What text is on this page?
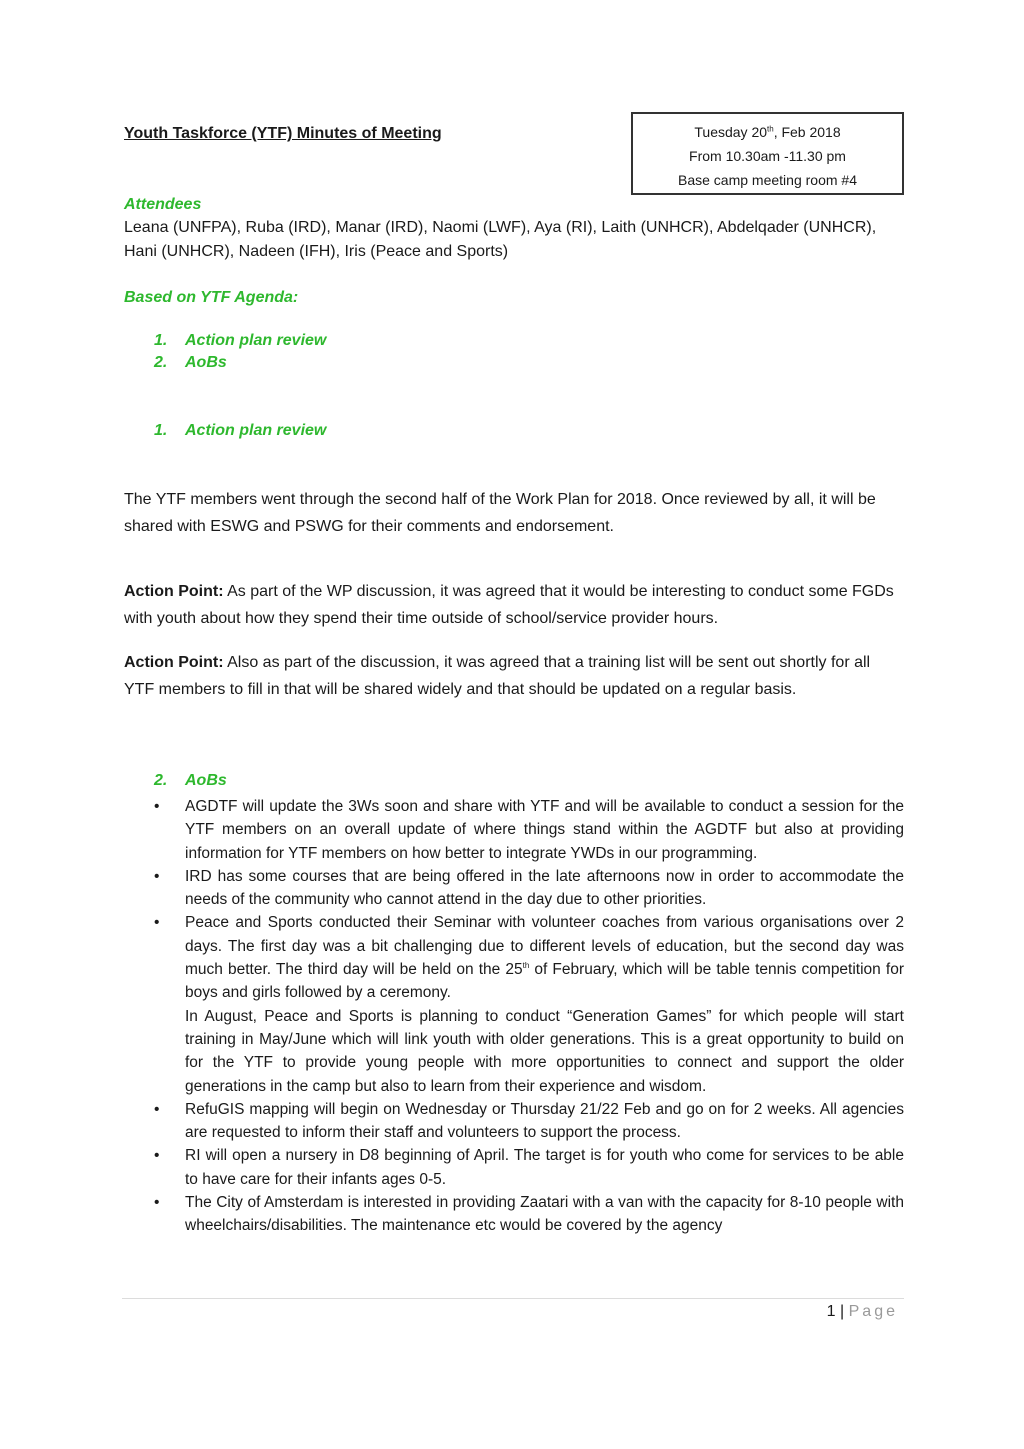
Youth Taskforce (YTF) Minutes of Meeting	Tuesday 20th, Feb 2018
From 10.30am -11.30 pm
Base camp meeting room #4
Attendees
Leana (UNFPA), Ruba (IRD), Manar (IRD), Naomi (LWF), Aya (RI), Laith (UNHCR), Abdelqader (UNHCR), Hani (UNHCR), Nadeen (IFH), Iris (Peace and Sports)
Based on YTF Agenda:
1. Action plan review
2. AoBs
1. Action plan review
The YTF members went through the second half of the Work Plan for 2018. Once reviewed by all, it will be shared with ESWG and PSWG for their comments and endorsement.
Action Point: As part of the WP discussion, it was agreed that it would be interesting to conduct some FGDs with youth about how they spend their time outside of school/service provider hours.
Action Point: Also as part of the discussion, it was agreed that a training list will be sent out shortly for all YTF members to fill in that will be shared widely and that should be updated on a regular basis.
2. AoBs
• AGDTF will update the 3Ws soon and share with YTF and will be available to conduct a session for the YTF members on an overall update of where things stand within the AGDTF but also at providing information for YTF members on how better to integrate YWDs in our programming.
• IRD has some courses that are being offered in the late afternoons now in order to accommodate the needs of the community who cannot attend in the day due to other priorities.
• Peace and Sports conducted their Seminar with volunteer coaches from various organisations over 2 days. The first day was a bit challenging due to different levels of education, but the second day was much better. The third day will be held on the 25th of February, which will be table tennis competition for boys and girls followed by a ceremony.
In August, Peace and Sports is planning to conduct “Generation Games” for which people will start training in May/June which will link youth with older generations. This is a great opportunity to build on for the YTF to provide young people with more opportunities to connect and support the older generations in the camp but also to learn from their experience and wisdom.
• RefuGIS mapping will begin on Wednesday or Thursday 21/22 Feb and go on for 2 weeks. All agencies are requested to inform their staff and volunteers to support the process.
• RI will open a nursery in D8 beginning of April. The target is for youth who come for services to be able to have care for their infants ages 0-5.
• The City of Amsterdam is interested in providing Zaatari with a van with the capacity for 8-10 people with wheelchairs/disabilities. The maintenance etc would be covered by the agency
1 | Page
